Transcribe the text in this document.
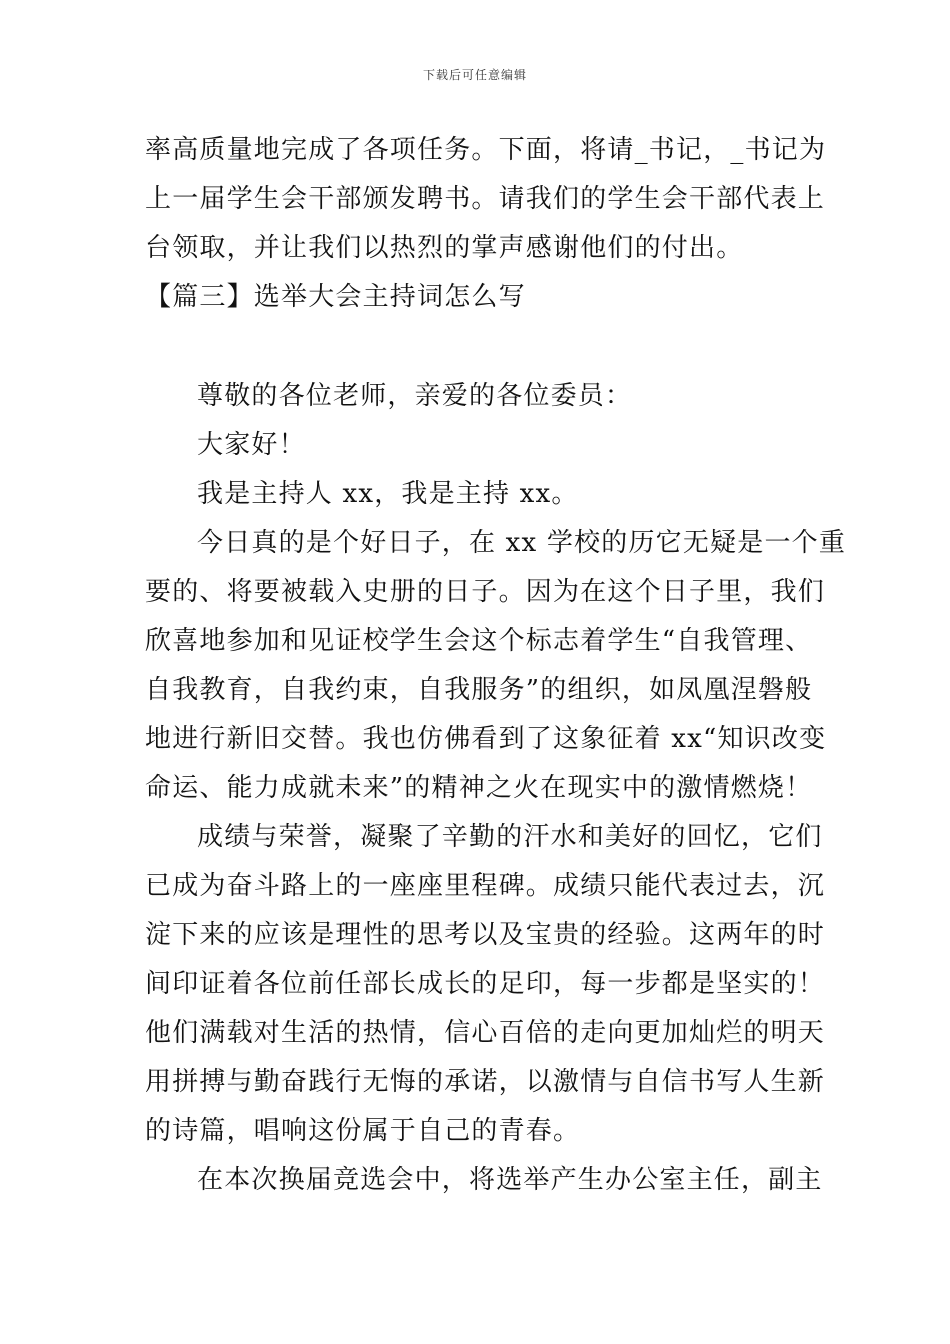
下载后可任意编辑
率高质量地完成了各项任务。下面，将请_书记，_书记为
上一届学生会干部颁发聘书。请我们的学生会干部代表上
台领取，并让我们以热烈的掌声感谢他们的付出。
【篇三】选举大会主持词怎么写
尊敬的各位老师，亲爱的各位委员：
大家好！
我是主持人 xx，我是主持 xx。
今日真的是个好日子，在 xx 学校的历它无疑是一个重
要的、将要被载入史册的日子。因为在这个日子里，我们
欣喜地参加和见证校学生会这个标志着学生“自我管理、
自我教育，自我约束，自我服务”的组织，如凤凰涅磐般
地进行新旧交替。我也仿佛看到了这象征着 xx“知识改变
命运、能力成就未来”的精神之火在现实中的激情燃烧！
成绩与荣誉，凝聚了辛勤的汗水和美好的回忆，它们
已成为奋斗路上的一座座里程碑。成绩只能代表过去，沉
淀下来的应该是理性的思考以及宝贵的经验。这两年的时
间印证着各位前任部长成长的足印，每一步都是坚实的！
他们满载对生活的热情，信心百倍的走向更加灿烂的明天
用拼搏与勤奋践行无悔的承诺，以激情与自信书写人生新
的诗篇，唱响这份属于自己的青春。
在本次换届竞选会中，将选举产生办公室主任，副主
